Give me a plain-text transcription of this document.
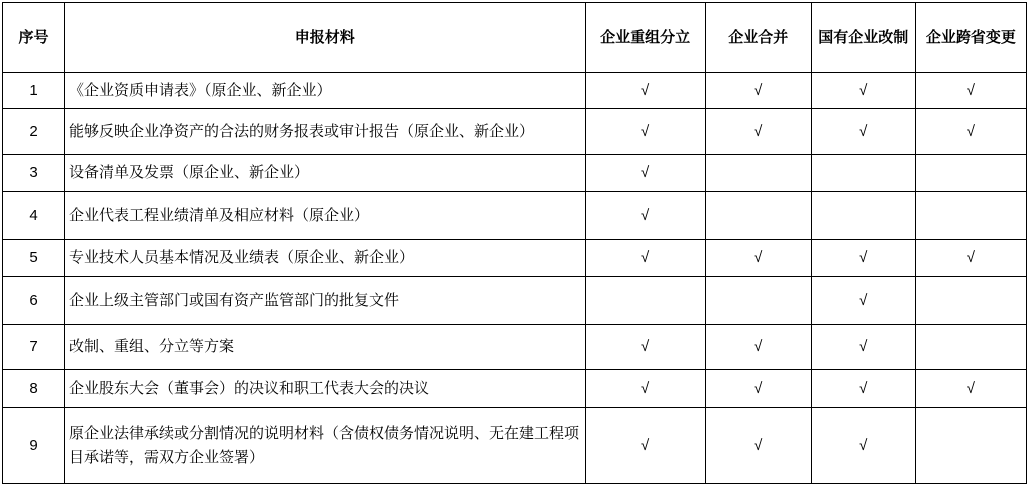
序号	申报材料	企业重组分立	企业合并	国有企业改制	企业跨省变更
1	《企业资质申请表》（原企业、新企业）	√	√	√	√
2	能够反映企业净资产的合法的财务报表或审计报告（原企业、新企业）	√	√	√	√
3	设备清单及发票（原企业、新企业）	√			
4	企业代表工程业绩清单及相应材料（原企业）	√			
5	专业技术人员基本情况及业绩表（原企业、新企业）	√	√	√	√
6	企业上级主管部门或国有资产监管部门的批复文件			√	
7	改制、重组、分立等方案	√	√	√	
8	企业股东大会（董事会）的决议和职工代表大会的决议	√	√	√	√
9	原企业法律承续或分割情况的说明材料（含债权债务情况说明、无在建工程项目承诺等，需双方企业签署）	√	√	√	
